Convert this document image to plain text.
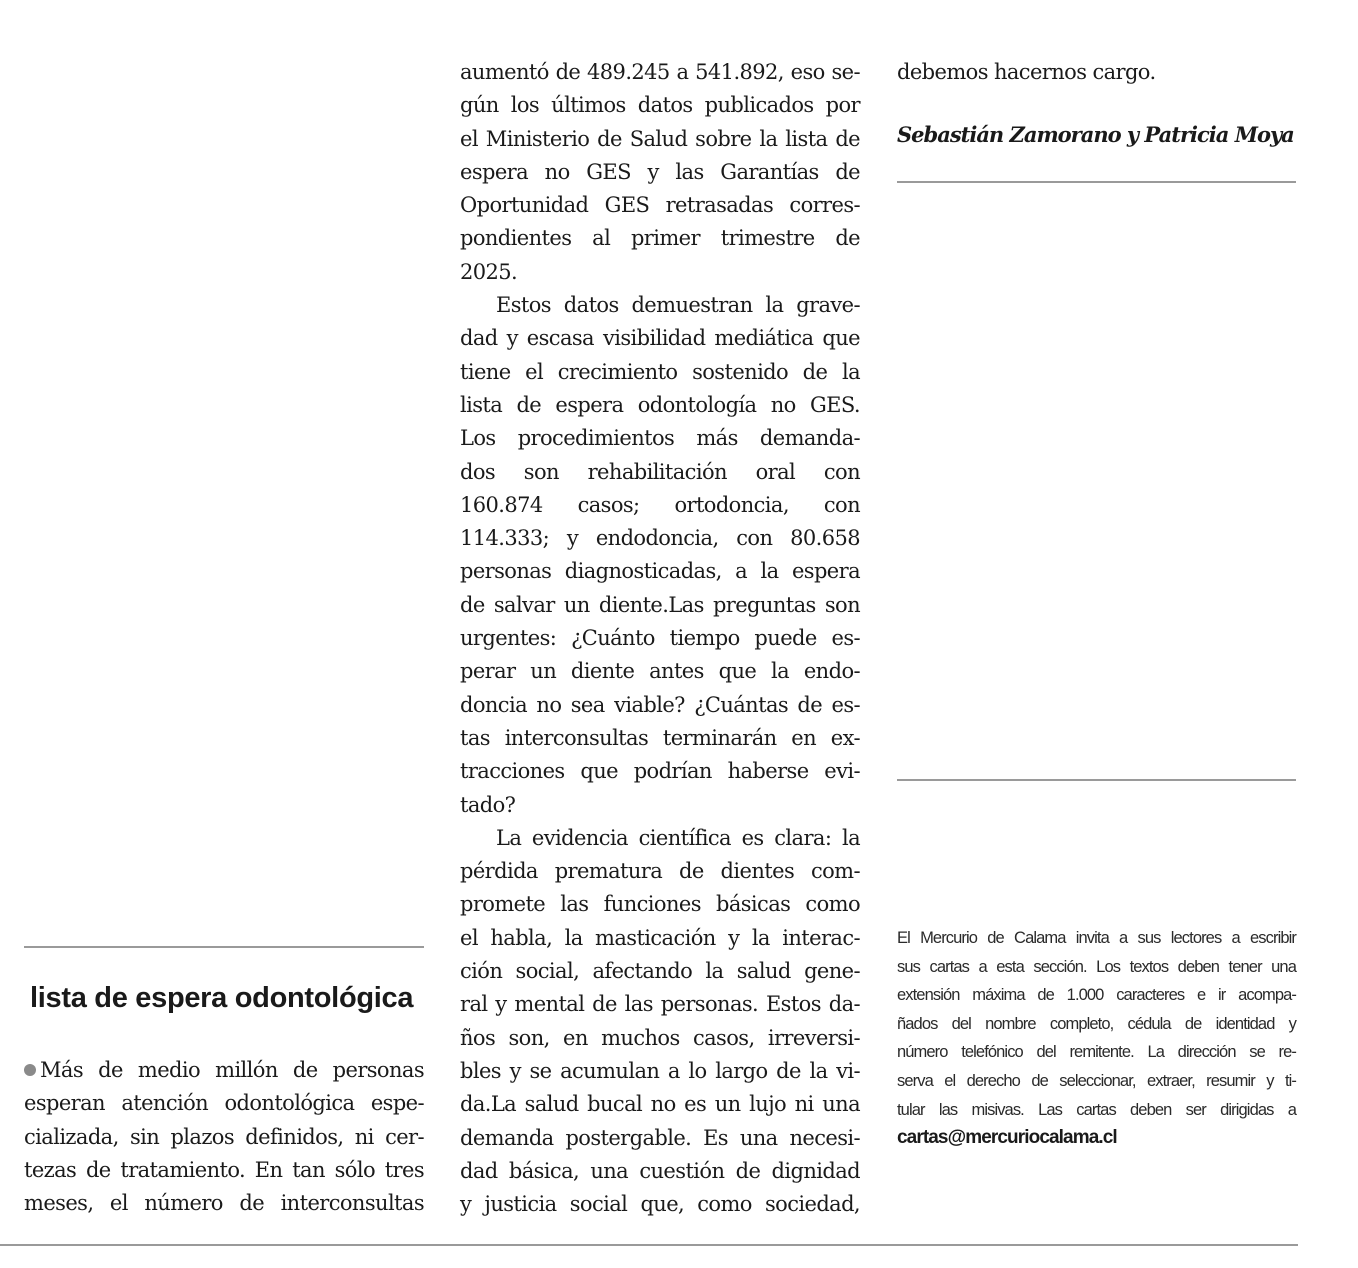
lista de espera odontológica
Más de medio millón de personas
esperan atención odontológica espe-
cializada, sin plazos definidos, ni cer-
tezas de tratamiento. En tan sólo tres
meses, el número de interconsultas
aumentó de 489.245 a 541.892, eso se-
gún los últimos datos publicados por
el Ministerio de Salud sobre la lista de
espera no GES y las Garantías de
Oportunidad GES retrasadas corres-
pondientes al primer trimestre de
2025.
Estos datos demuestran la grave-
dad y escasa visibilidad mediática que
tiene el crecimiento sostenido de la
lista de espera odontología no GES.
Los procedimientos más demanda-
dos son rehabilitación oral con
160.874 casos; ortodoncia, con
114.333; y endodoncia, con 80.658
personas diagnosticadas, a la espera
de salvar un diente.Las preguntas son
urgentes: ¿Cuánto tiempo puede es-
perar un diente antes que la endo-
doncia no sea viable? ¿Cuántas de es-
tas interconsultas terminarán en ex-
tracciones que podrían haberse evi-
tado?
La evidencia científica es clara: la
pérdida prematura de dientes com-
promete las funciones básicas como
el habla, la masticación y la interac-
ción social, afectando la salud gene-
ral y mental de las personas. Estos da-
ños son, en muchos casos, irreversi-
bles y se acumulan a lo largo de la vi-
da.La salud bucal no es un lujo ni una
demanda postergable. Es una necesi-
dad básica, una cuestión de dignidad
y justicia social que, como sociedad,
debemos hacernos cargo.
Sebastián Zamorano y Patricia Moya
El Mercurio de Calama invita a sus lectores a escribir
sus cartas a esta sección. Los textos deben tener una
extensión máxima de 1.000 caracteres e ir acompa-
ñados del nombre completo, cédula de identidad y
número telefónico del remitente. La dirección se re-
serva el derecho de seleccionar, extraer, resumir y ti-
tular las misivas. Las cartas deben ser dirigidas a
cartas@mercuriocalama.cl
